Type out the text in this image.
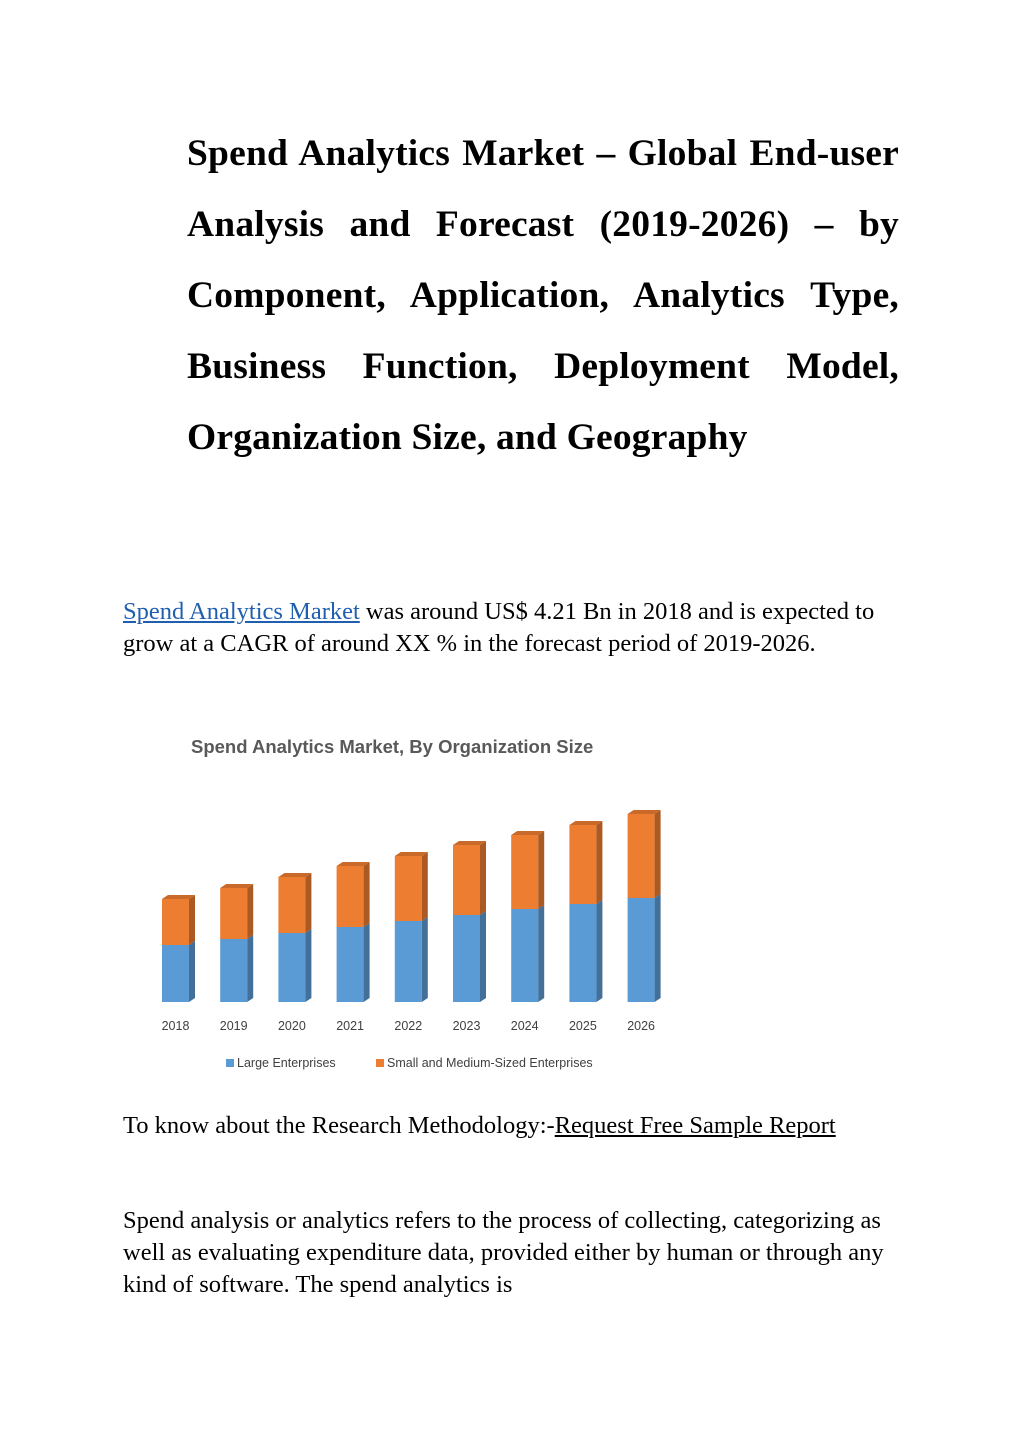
Spend Analytics Market – Global End-user Analysis and Forecast (2019-2026) – by Component, Application, Analytics Type, Business Function, Deployment Model, Organization Size, and Geography

Spend Analytics Market was around US$ 4.21 Bn in 2018 and is expected to grow at a CAGR of around XX % in the forecast period of 2019-2026.

Spend Analytics Market, By Organization Size
2018 2019 2020 2021 2022 2023 2024 2025 2026
Large Enterprises	Small and Medium-Sized Enterprises

To know about the Research Methodology:-Request Free Sample Report

Spend analysis or analytics refers to the process of collecting, categorizing as well as evaluating expenditure data, provided either by human or through any kind of software. The spend analytics is
